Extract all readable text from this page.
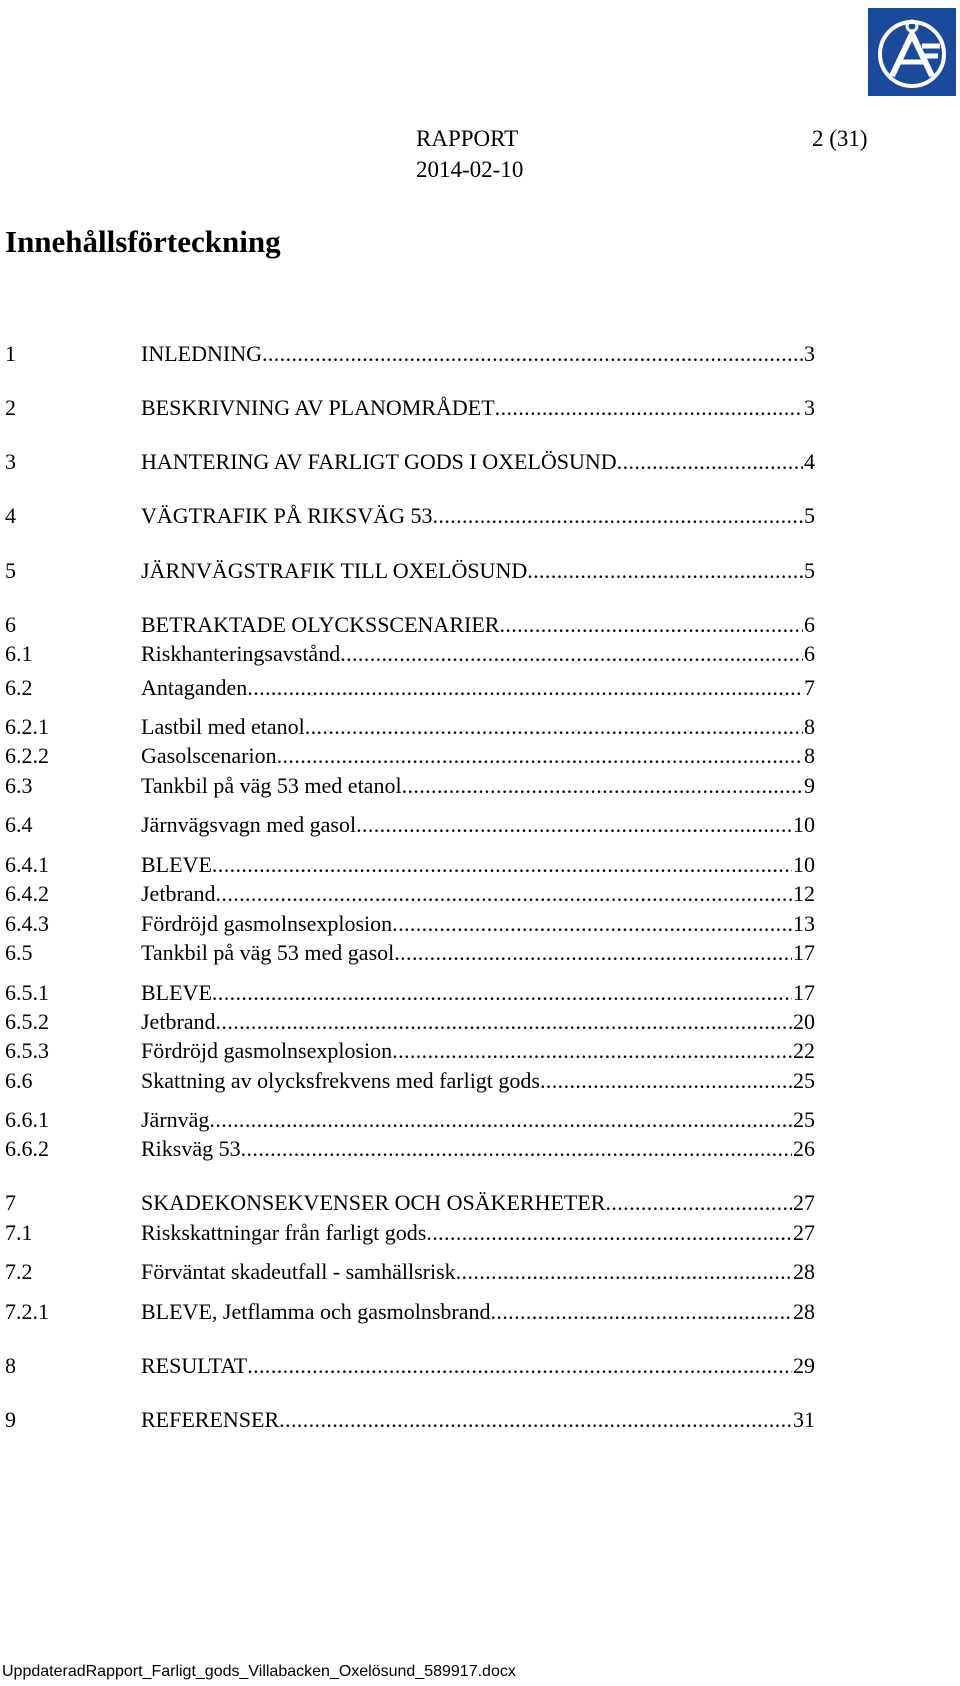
RAPPORT
2014-02-10
2 (31)
Innehållsförteckning
1	INLEDNING .....	3
2	BESKRIVNING AV PLANOMRÅDET .....	3
3	HANTERING AV FARLIGT GODS I OXELÖSUND .....	4
4	VÄGTRAFIK PÅ RIKSVÄG 53 .....	5
5	JÄRNVÄGSTRAFIK TILL OXELÖSUND .....	5
6	BETRAKTADE OLYCKSSCENARIER .....	6
6.1	Riskhanteringsavstånd .....	6
6.2	Antaganden .....	7
6.2.1	Lastbil med etanol .....	8
6.2.2	Gasolscenarion .....	8
6.3	Tankbil på väg 53 med etanol .....	9
6.4	Järnvägsvagn med gasol .....	10
6.4.1	BLEVE .....	10
6.4.2	Jetbrand .....	12
6.4.3	Fördröjd gasmolnsexplosion .....	13
6.5	Tankbil på väg 53 med gasol .....	17
6.5.1	BLEVE .....	17
6.5.2	Jetbrand .....	20
6.5.3	Fördröjd gasmolnsexplosion .....	22
6.6	Skattning av olycksfrekvens med farligt gods .....	25
6.6.1	Järnväg .....	25
6.6.2	Riksväg 53 .....	26
7	SKADEKONSEKVENSER OCH OSÄKERHETER .....	27
7.1	Riskskattningar från farligt gods .....	27
7.2	Förväntat skadeutfall - samhällsrisk .....	28
7.2.1	BLEVE, Jetflamma och gasmolnsbrand .....	28
8	RESULTAT .....	29
9	REFERENSER .....	31
UppdateradRapport_Farligt_gods_Villabacken_Oxelösund_589917.docx
